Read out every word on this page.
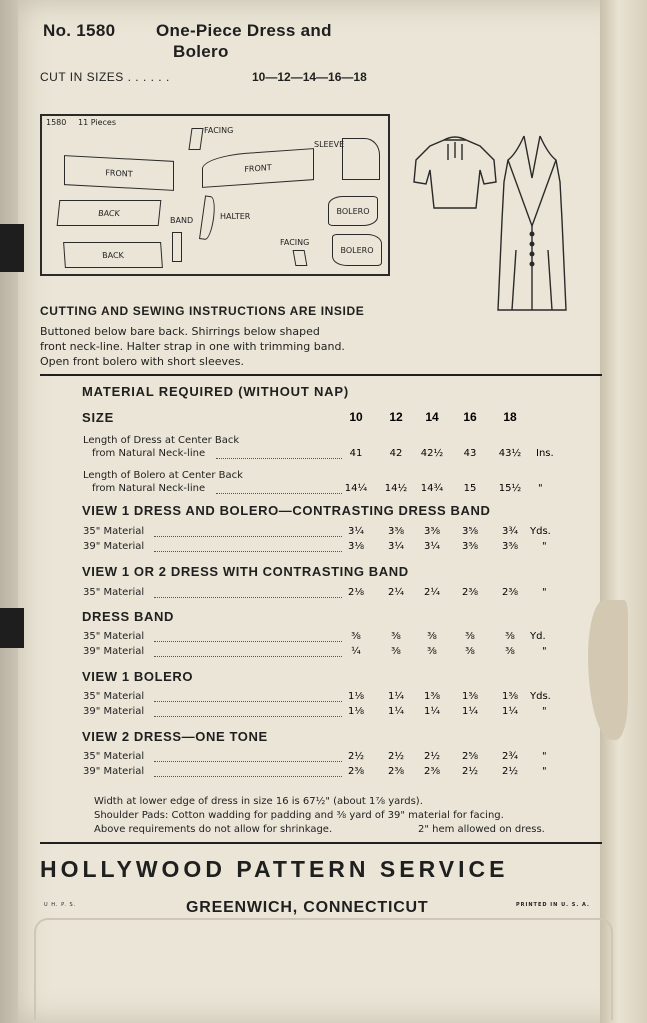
No. 1580 One-Piece Dress and
Bolero
CUT IN SIZES . . . . . .	10—12—14—16—18
1580 11 Pieces
FACING
SLEEVE
FRONT	FRONT
BACK
BAND	HALTER
BOLERO
FACING
BOLERO
BACK
CUTTING AND SEWING INSTRUCTIONS ARE INSIDE
Buttoned below bare back. Shirrings below shaped
front neck-line. Halter strap in one with trimming band.
Open front bolero with short sleeves.
MATERIAL REQUIRED (WITHOUT NAP)
SIZE	10	12	14	16	18
Length of Dress at Center Back
from Natural Neck-line	41	42	42½	43	43½	Ins.
Length of Bolero at Center Back
from Natural Neck-line	14¼	14½	14¾	15	15½	"
VIEW 1 DRESS AND BOLERO—CONTRASTING DRESS BAND
35" Material	3¼	3⅜	3⅜	3⅝	3¾	Yds.
39" Material	3⅛	3¼	3¼	3⅜	3⅜	"
VIEW 1 OR 2 DRESS WITH CONTRASTING BAND
35" Material	2⅛	2¼	2¼	2⅜	2⅜	"
DRESS BAND
35" Material	⅜	⅜	⅜	⅜	⅜	Yd.
39" Material	¼	⅜	⅜	⅜	⅜	"
VIEW 1 BOLERO
35" Material	1⅛	1¼	1⅜	1⅜	1⅜	Yds.
39" Material	1⅛	1¼	1¼	1¼	1¼	"
VIEW 2 DRESS—ONE TONE
35" Material	2½	2½	2½	2⅝	2¾	"
39" Material	2⅜	2⅜	2⅜	2½	2½	"
Width at lower edge of dress in size 16 is 67½" (about 1⅞ yards).
Shoulder Pads: Cotton wadding for padding and ⅜ yard of 39" material for facing.
Above requirements do not allow for shrinkage.	2" hem allowed on dress.
HOLLYWOOD PATTERN SERVICE
U H. P. S.	GREENWICH, CONNECTICUT	PRINTED IN U. S. A.
